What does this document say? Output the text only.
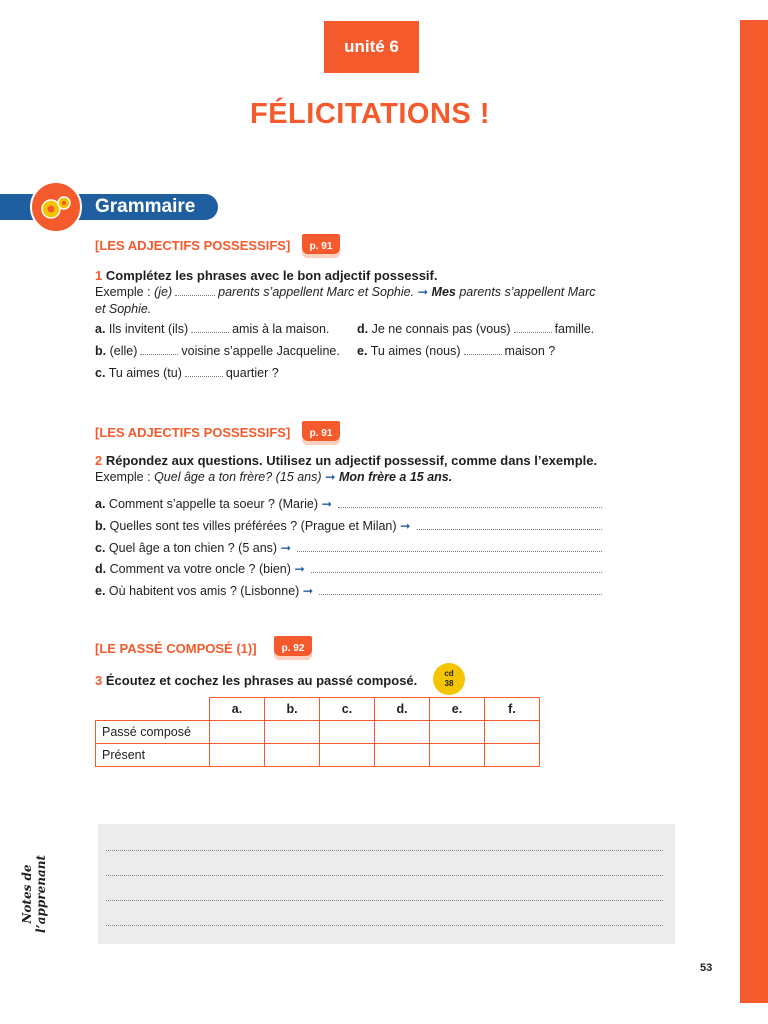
unité 6
FÉLICITATIONS !
Grammaire

[LES ADJECTIFS POSSESSIFS]	p. 91

1 Complétez les phrases avec le bon adjectif possessif.

Exemple : (je)	parents s’appellent Marc et Sophie. ➞ Mes parents s’appellent Marc et Sophie.

a. Ils invitent (ils)	amis à la maison.

b. (elle)	voisine s’appelle Jacqueline.

c. Tu aimes (tu)	quartier ?

d. Je ne connais pas (vous)	famille.

e. Tu aimes (nous)	maison ?

[LES ADJECTIFS POSSESSIFS]	p. 91

2 Répondez aux questions. Utilisez un adjectif possessif, comme dans l’exemple.

Exemple : Quel âge a ton frère? (15 ans) ➞ Mon frère a 15 ans.

a.
Comment s’appelle ta soeur ? (Marie)
➞
b.
Quelles sont tes villes préférées ? (Prague et Milan)
➞
c.
Quel âge a ton chien ? (5 ans)
➞
d.
Comment va votre oncle ? (bien)
➞
e.
Où habitent vos amis ? (Lisbonne)
➞

[LE PASSÉ COMPOSÉ (1)]	p. 92

3 Écoutez et cochez les phrases au passé composé.	cd
38
	a.	b.	c.	d.	e.	f.
Passé composé						
Présent						
Notes de l’apprenant
53
